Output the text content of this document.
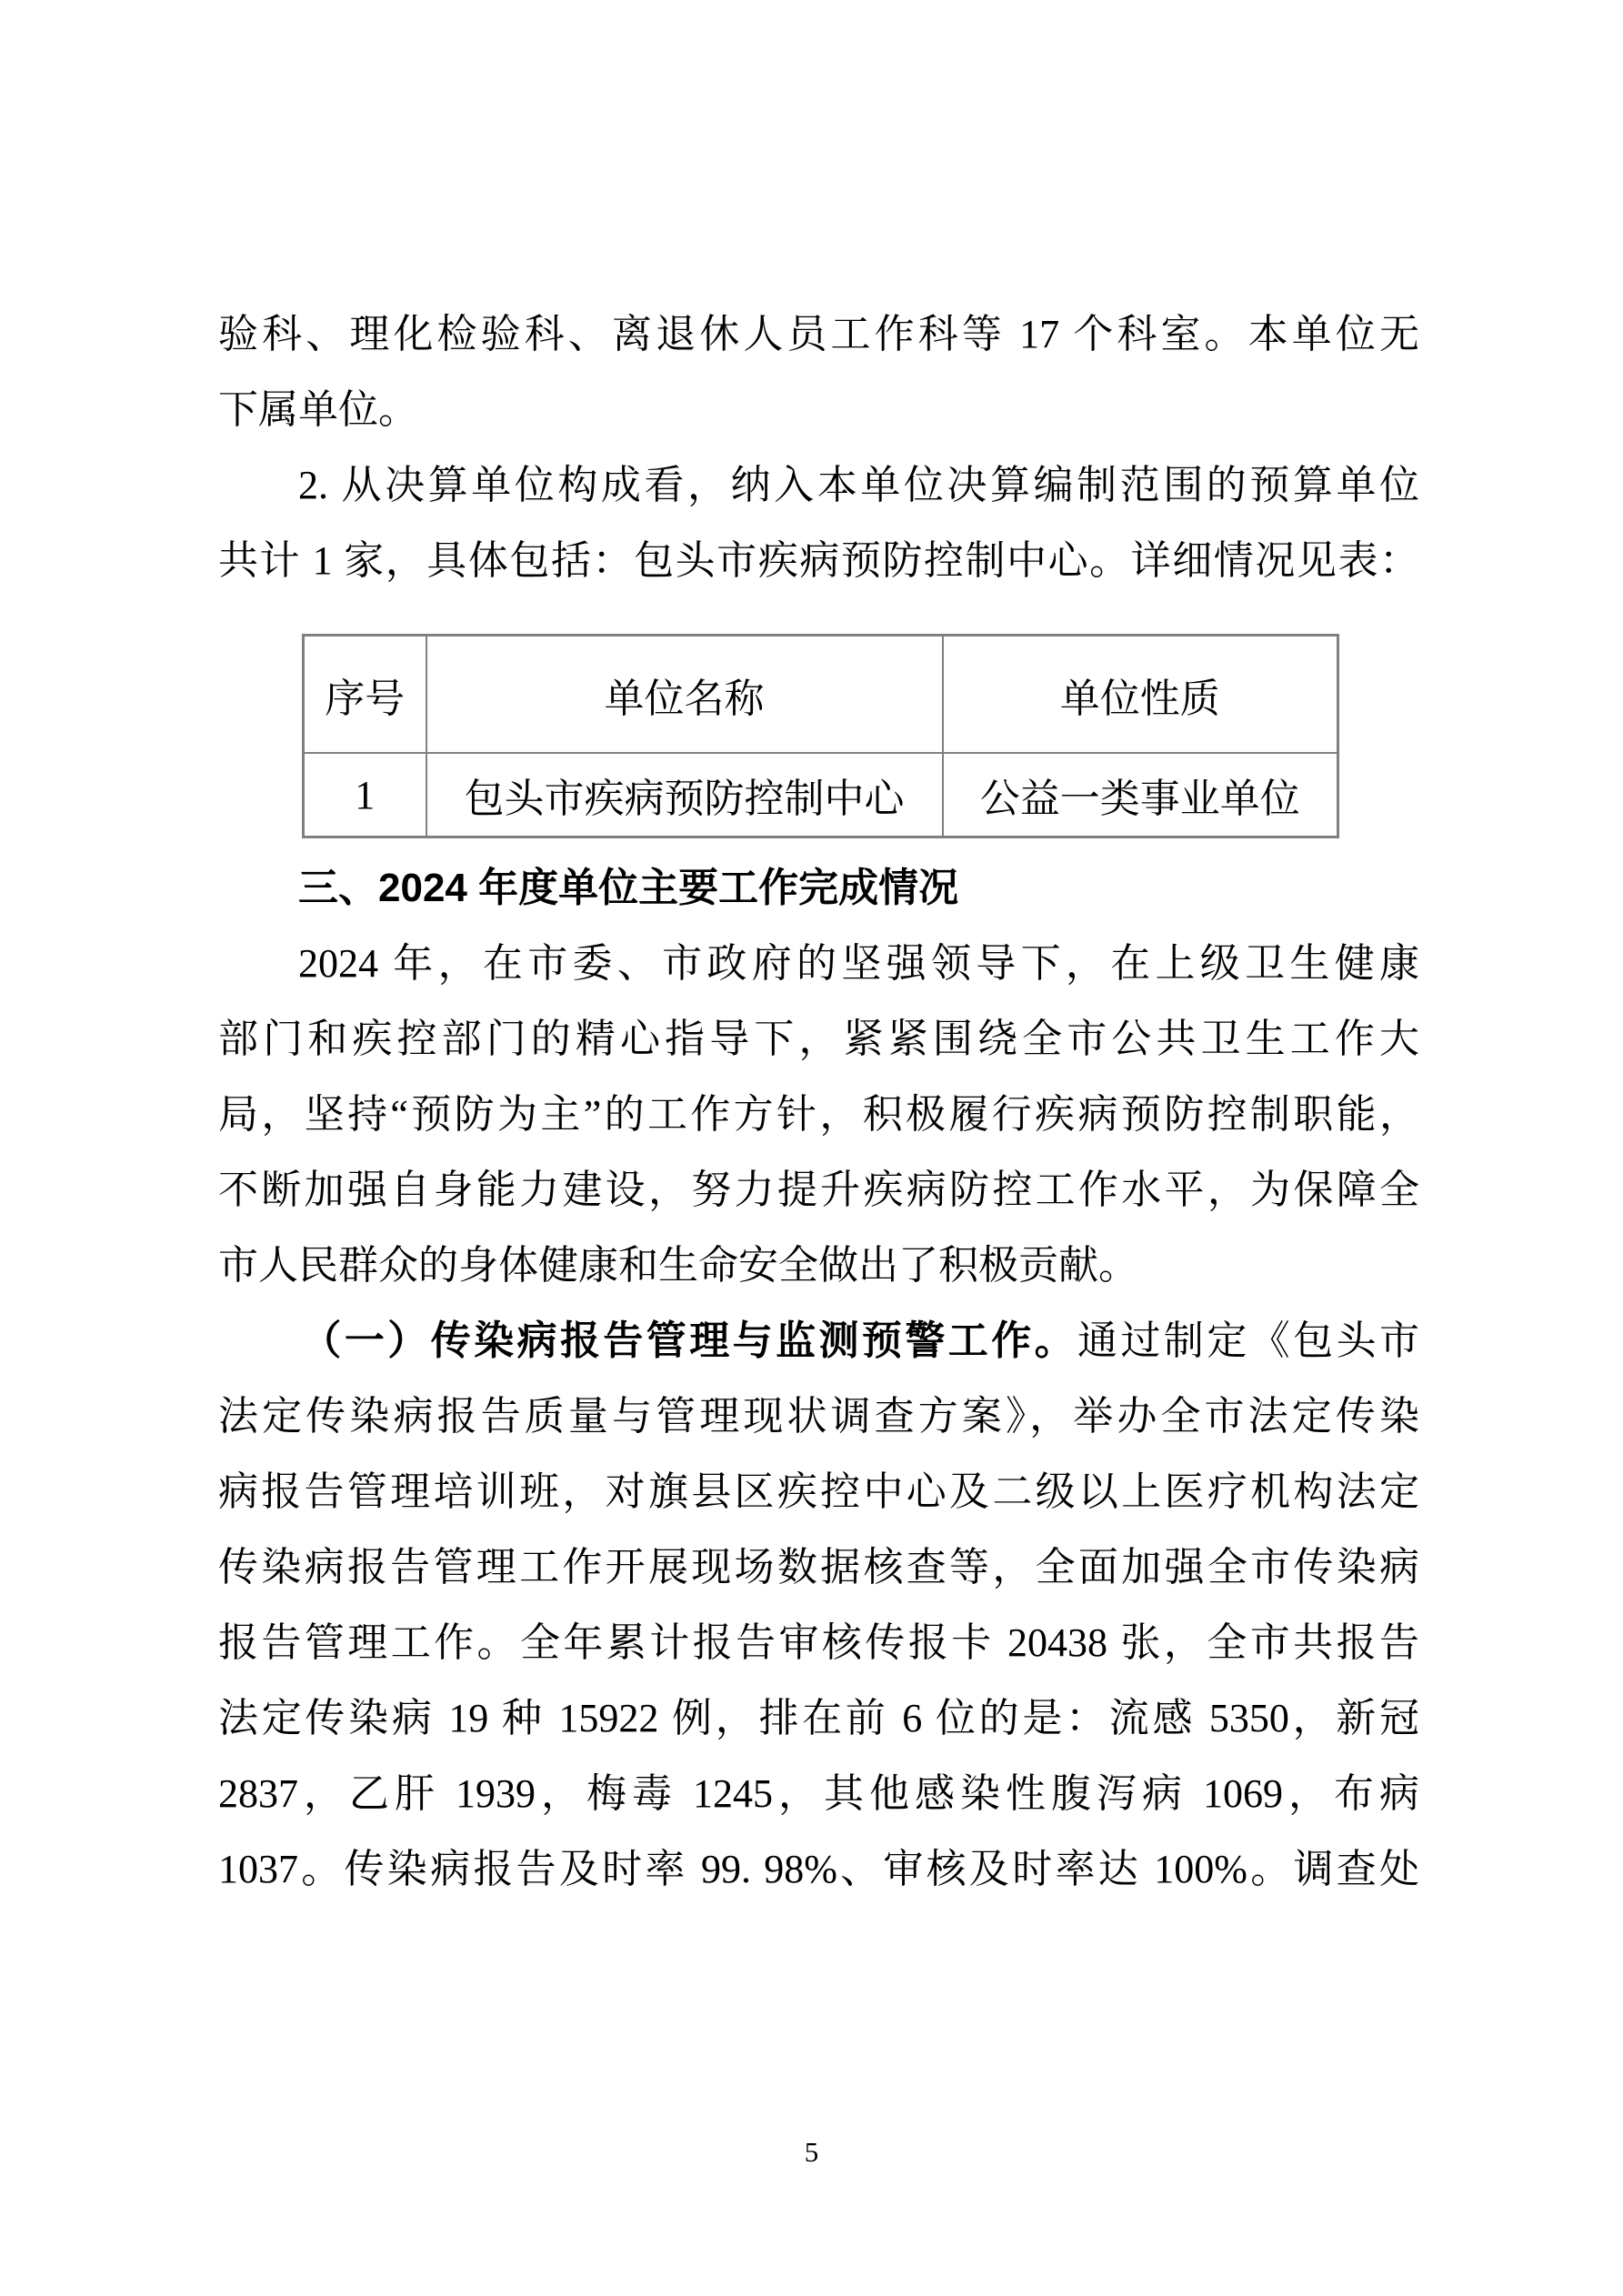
验科、理化检验科、离退休人员工作科等 17 个科室。本单位无
下属单位。
2. 从决算单位构成看，纳入本单位决算编制范围的预算单位
共计 1 家，具体包括：包头市疾病预防控制中心。详细情况见表：
序号	单位名称	单位性质
1	包头市疾病预防控制中心	公益一类事业单位
三、2024 年度单位主要工作完成情况
2024 年，在市委、市政府的坚强领导下，在上级卫生健康
部门和疾控部门的精心指导下，紧紧围绕全市公共卫生工作大
局，坚持“预防为主”的工作方针，积极履行疾病预防控制职能，
不断加强自身能力建设，努力提升疾病防控工作水平，为保障全
市人民群众的身体健康和生命安全做出了积极贡献。
（一）传染病报告管理与监测预警工作。通过制定《包头市
法定传染病报告质量与管理现状调查方案》，举办全市法定传染
病报告管理培训班，对旗县区疾控中心及二级以上医疗机构法定
传染病报告管理工作开展现场数据核查等，全面加强全市传染病
报告管理工作。全年累计报告审核传报卡 20438 张，全市共报告
法定传染病 19 种 15922 例，排在前 6 位的是：流感 5350，新冠
2837，乙肝 1939，梅毒 1245，其他感染性腹泻病 1069，布病
1037。传染病报告及时率 99. 98%、审核及时率达 100%。调查处
5
